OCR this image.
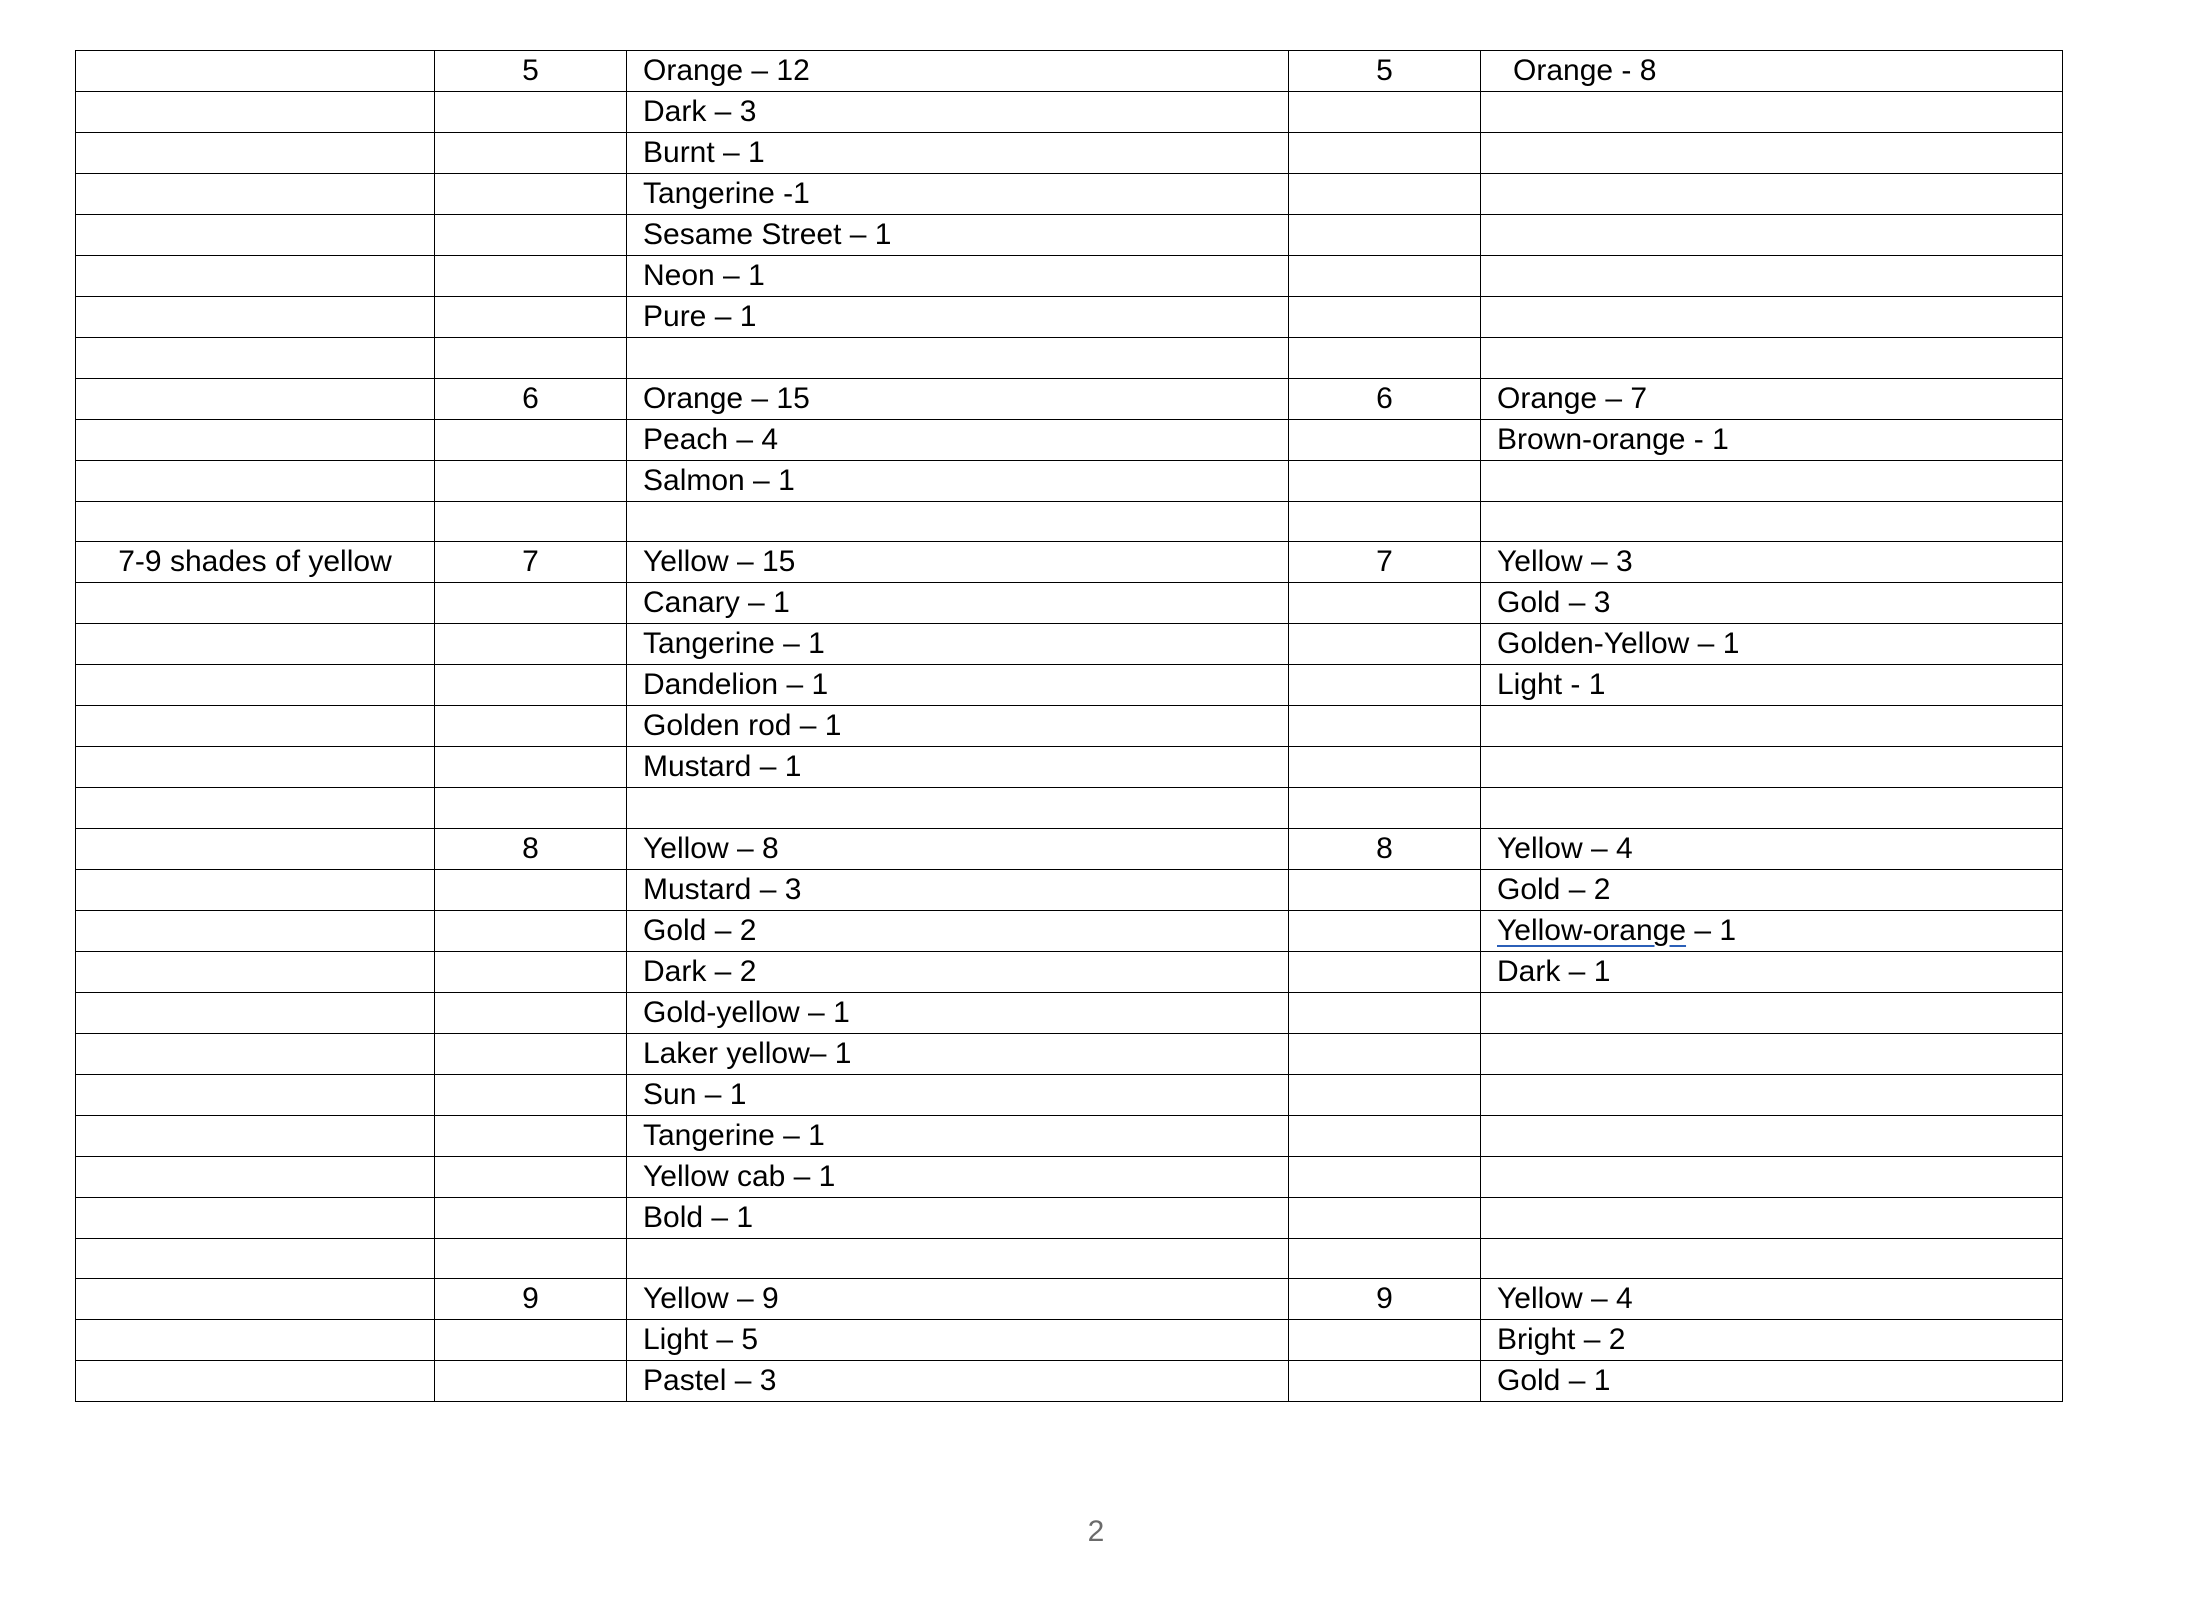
	5	Orange – 12	5	Orange - 8
		Dark – 3		
		Burnt – 1		
		Tangerine -1		
		Sesame Street – 1		
		Neon – 1		
		Pure – 1		

	6	Orange – 15	6	Orange – 7
		Peach – 4		Brown-orange - 1
		Salmon – 1		

7-9 shades of yellow	7	Yellow – 15	7	Yellow – 3
		Canary – 1		Gold – 3
		Tangerine – 1		Golden-Yellow – 1
		Dandelion – 1		Light - 1
		Golden rod – 1		
		Mustard – 1		

	8	Yellow – 8	8	Yellow – 4
		Mustard – 3		Gold – 2
		Gold – 2		Yellow-orange – 1
		Dark – 2		Dark – 1
		Gold-yellow – 1		
		Laker yellow– 1		
		Sun – 1		
		Tangerine – 1		
		Yellow cab – 1		
		Bold – 1		

	9	Yellow – 9	9	Yellow – 4
		Light – 5		Bright – 2
		Pastel – 3		Gold – 1
2
